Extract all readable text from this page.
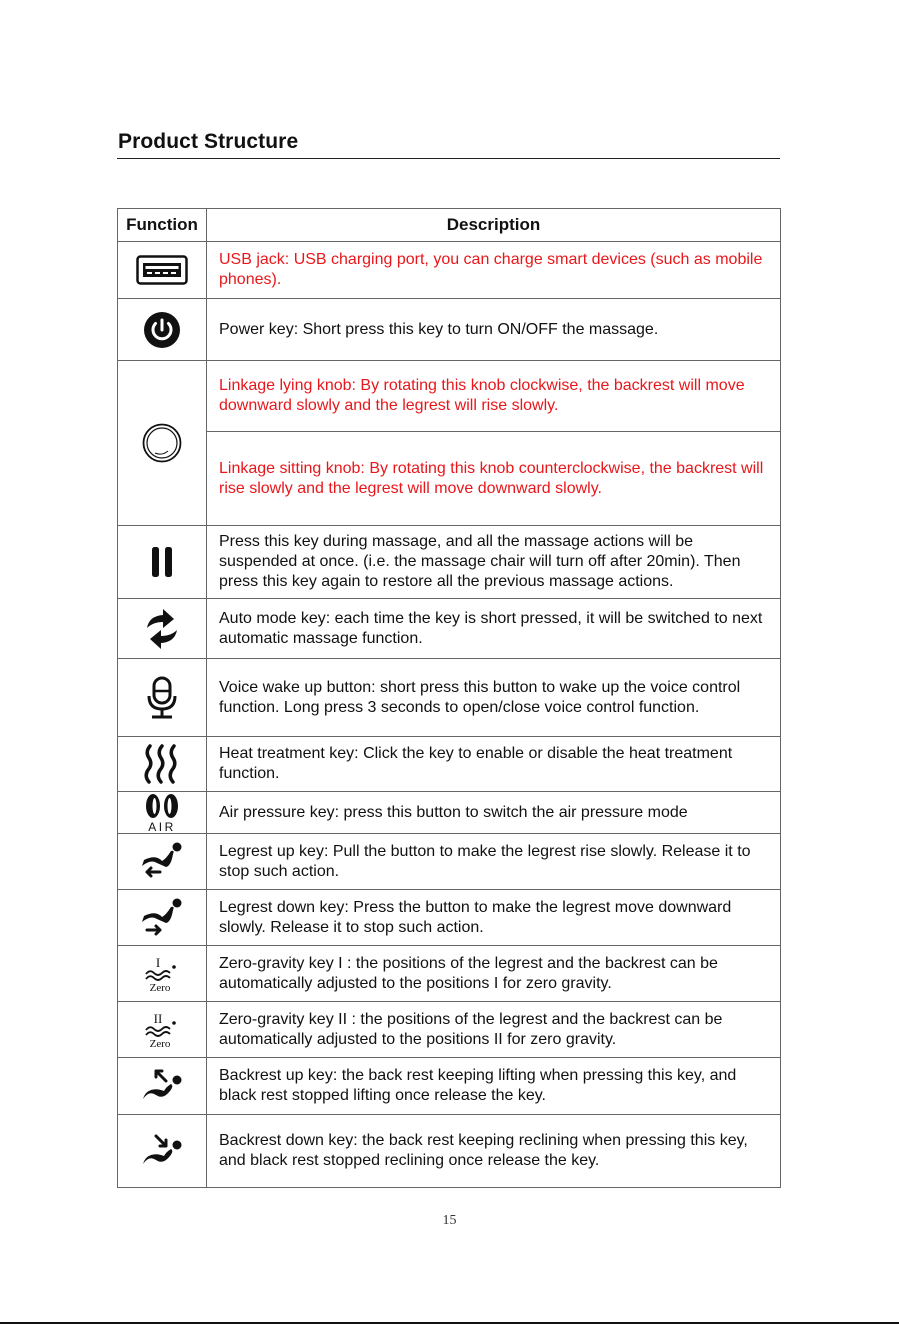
Product Structure
Function	Description

	USB jack: USB charging port, you can charge smart devices (such as mobile phones).

	Power key: Short press this key to turn ON/OFF the massage.

	Linkage lying knob: By rotating this knob clockwise, the backrest will move downward slowly and the legrest will rise slowly.
	Linkage sitting knob: By rotating this knob counterclockwise, the backrest will rise slowly and the legrest will move downward slowly.

	Press this key during massage, and all the massage actions will be suspended at once. (i.e. the massage chair will turn off after 20min). Then press this key again to restore all the previous massage actions.

	Auto mode key: each time the key is short pressed, it will be switched to next automatic massage function.

	Voice wake up button: short press this button to wake up the voice control function. Long press 3 seconds to open/close voice control function.

	Heat treatment key: Click the key to enable or disable the heat treatment function.

AIR	Air pressure key: press this button to switch the air pressure mode

	Legrest up key: Pull the button to make the legrest rise slowly. Release it to stop such action.

	Legrest down key: Press the button to make the legrest move downward slowly. Release it to stop such action.

I
Zero	Zero-gravity key I : the positions of the legrest and the backrest can be automatically adjusted to the positions I for zero gravity.

II
Zero	Zero-gravity key II : the positions of the legrest and the backrest can be automatically adjusted to the positions II for zero gravity.

	Backrest up key: the back rest keeping lifting when pressing this key, and black rest stopped lifting once release the key.

	Backrest down key: the back rest keeping reclining when pressing this key, and black rest stopped reclining once release the key.
15
